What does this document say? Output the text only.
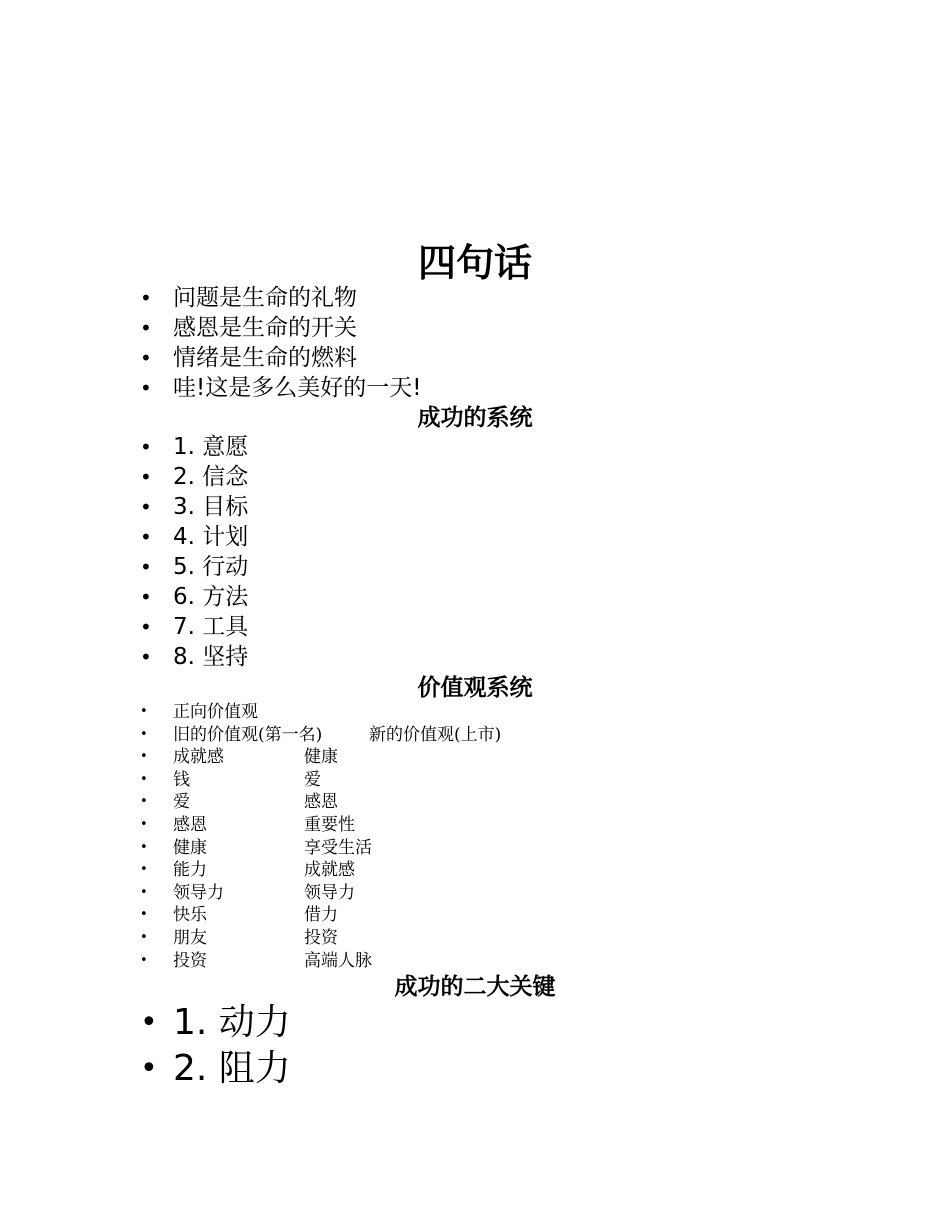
四句话
• 问题是生命的礼物
• 感恩是生命的开关
• 情绪是生命的燃料
• 哇!这是多么美好的一天!
成功的系统
• 1. 意愿
• 2. 信念
• 3. 目标
• 4. 计划
• 5. 行动
• 6. 方法
• 7. 工具
• 8. 坚持
价值观系统
• 正向价值观
• 旧的价值观(第一名)	新的价值观(上市)
• 成就感	健康
• 钱	爱
• 爱	感恩
• 感恩	重要性
• 健康	享受生活
• 能力	成就感
• 领导力	领导力
• 快乐	借力
• 朋友	投资
• 投资	高端人脉
成功的二大关键
• 1. 动力
• 2. 阻力
